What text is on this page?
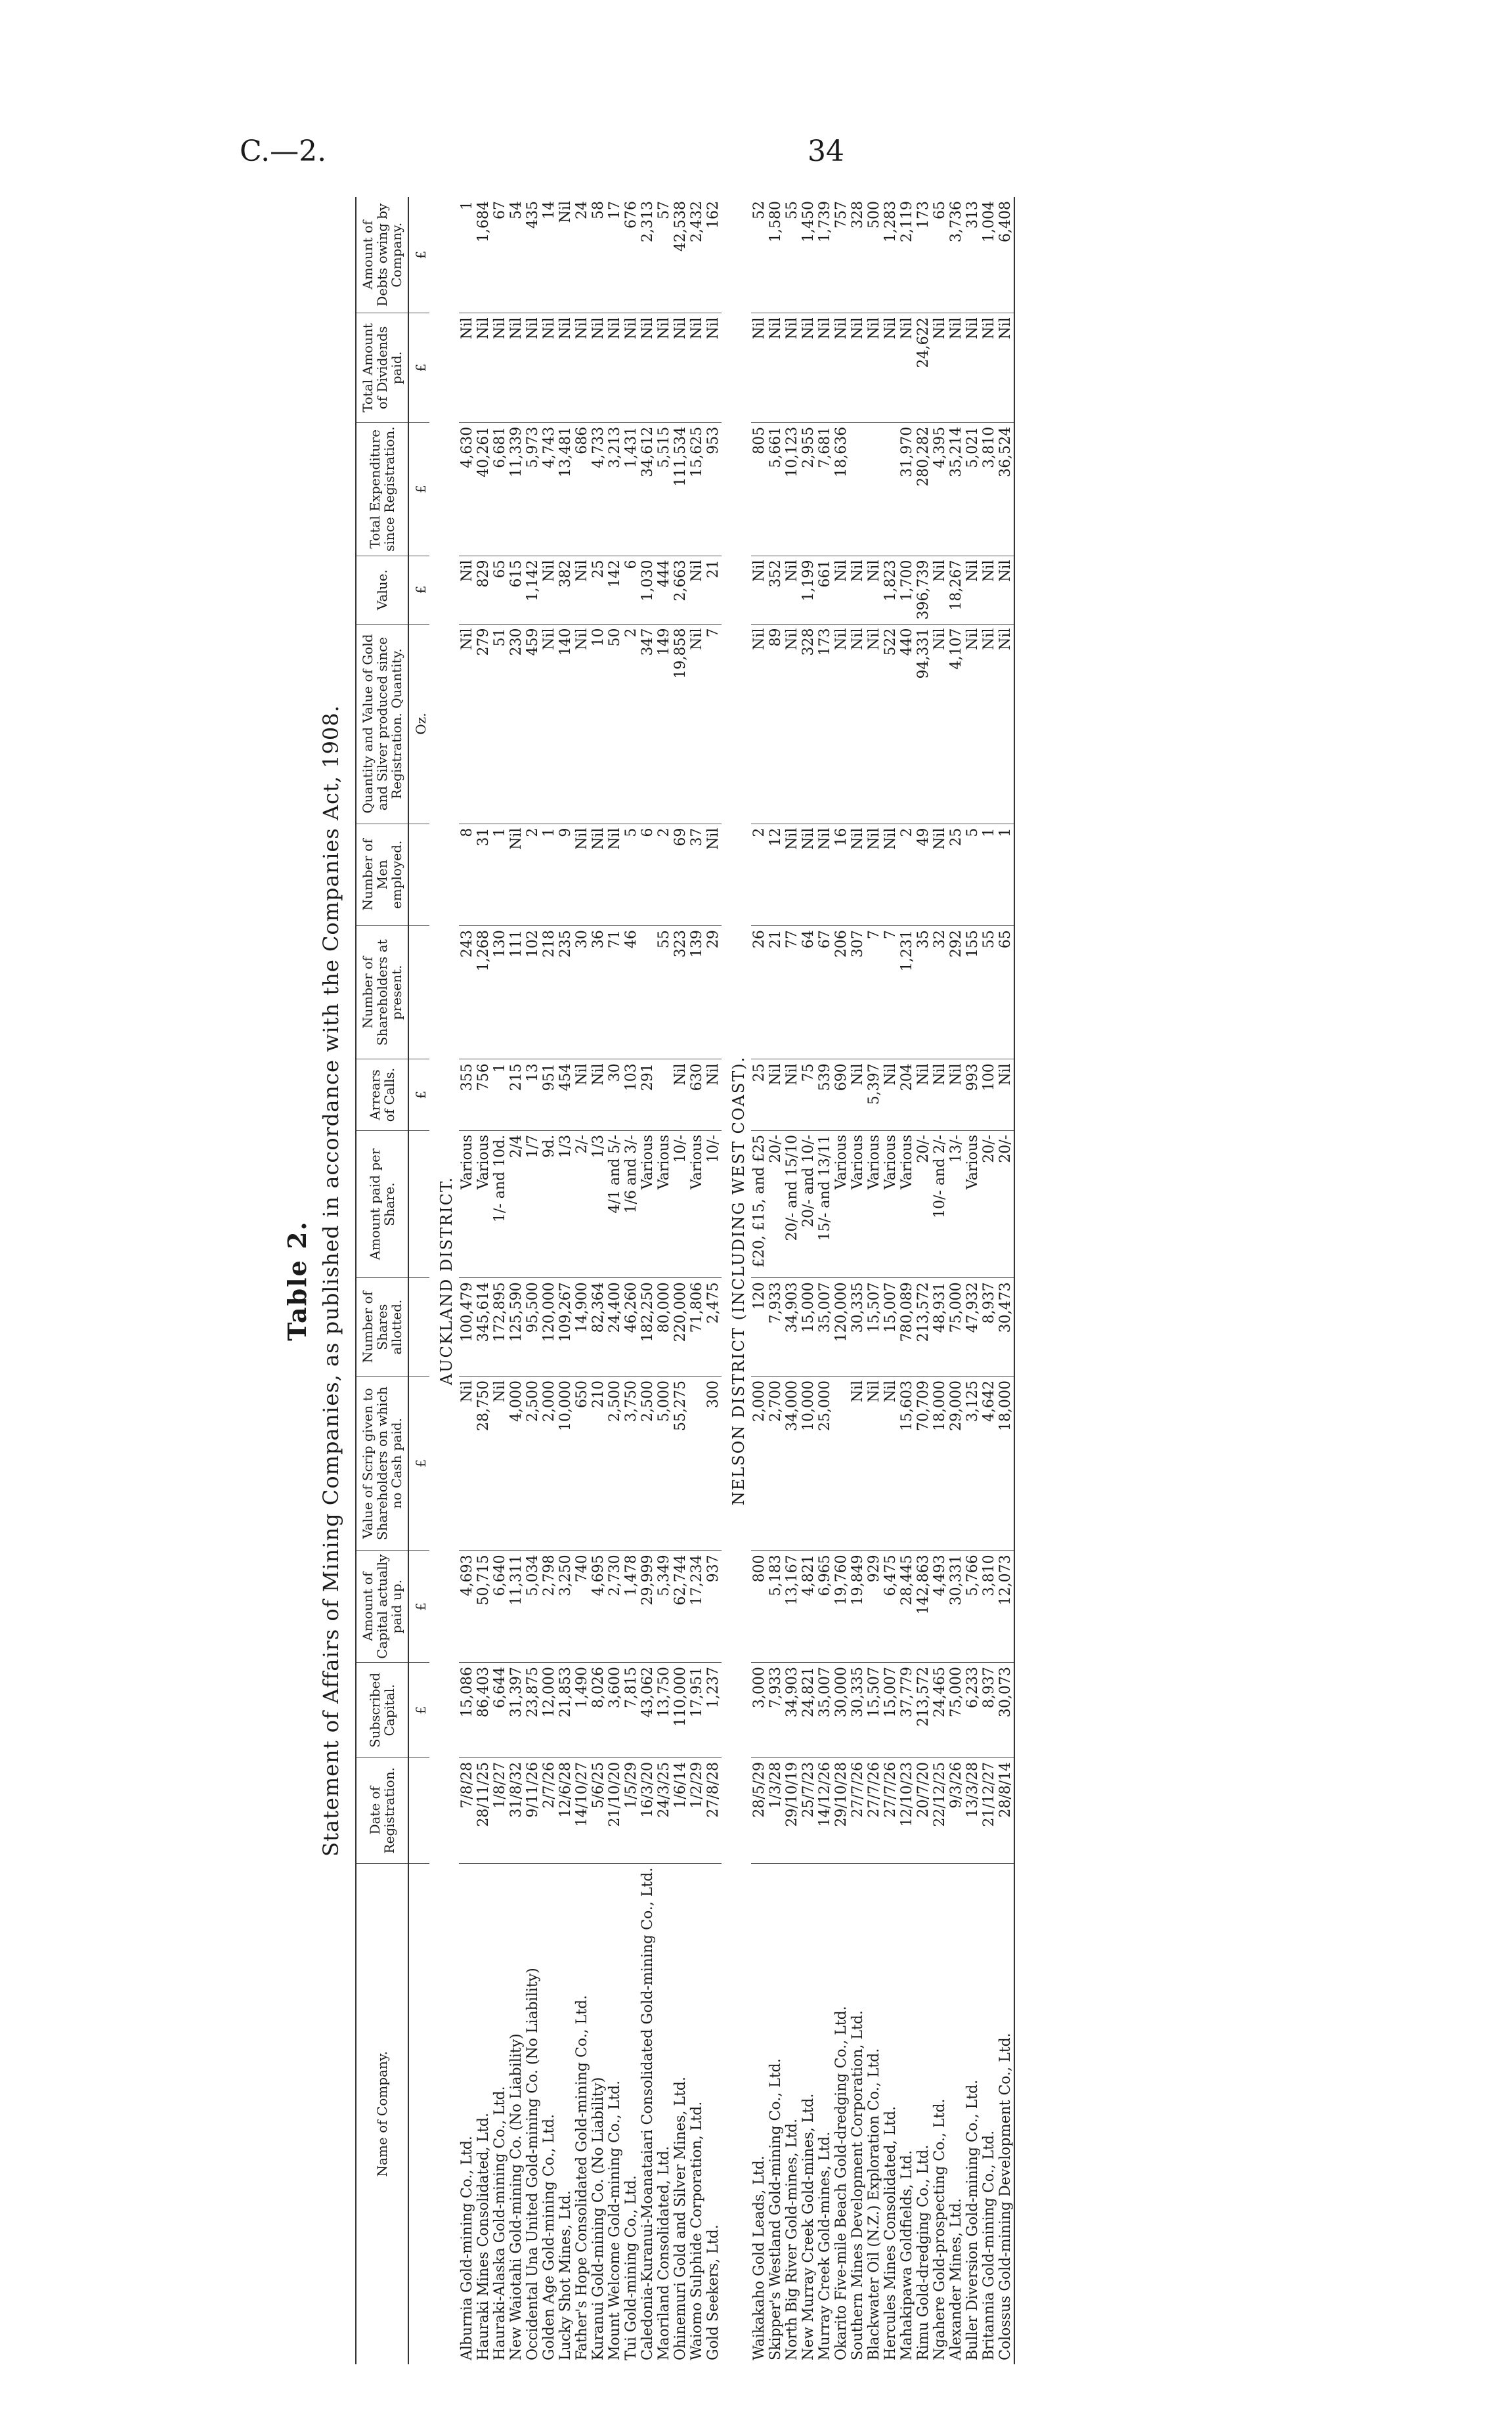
C.—2.	34
Table 2. Statement of Affairs of Mining Companies, as published in accordance with the Companies Act, 1908.
Name of Company.	Date of Registration.	Subscribed Capital.	Amount of Capital actually paid up.	Value of Scrip given to Shareholders on which no Cash paid.	Number of Shares allotted.	Amount paid per Share.	Arrears of Calls.	Number of Shareholders at present.	Number of Men employed.	Quantity and Value of Gold and Silver produced since Registration. Quantity.	Value.	Total Expenditure since Registration.	Total Amount of Dividends paid.	Amount of Debts owing by Company.
		£	£	£			£			Oz.	£	£	£	£
AUCKLAND DISTRICT.														
Alburnia Gold-mining Co., Ltd.	7/8/28	15,086	4,693	Nil	100,479	Various	355	243	8	Nil	Nil	4,630	Nil	1
Hauraki Mines Consolidated, Ltd.	28/11/25	86,403	50,715	28,750	345,614	Various	756	1,268	31	279	829	40,261	Nil	1,684
Hauraki-Alaska Gold-mining Co., Ltd.	1/8/27	6,644	6,640	Nil	172,895	1/- and 10d.	1	130	1	51	65	6,681	Nil	67
New Waiotahi Gold-mining Co. (No Liability)	31/8/32	31,397	11,311	4,000	125,590	2/4	215	111	Nil	230	615	11,339	Nil	54
Occidental Una United Gold-mining Co. (No Liability)	9/11/26	23,875	5,034	2,500	95,500	1/7	13	102	2	459	1,142	5,973	Nil	435
Golden Age Gold-mining Co., Ltd.	2/7/26	12,000	2,798	2,000	120,000	9d.	951	218	1	Nil	Nil	4,743	Nil	14
Lucky Shot Mines, Ltd.	12/6/28	21,853	3,250	10,000	109,267	1/3	454	235	9	140	382	13,481	Nil	Nil
Father's Hope Consolidated Gold-mining Co., Ltd.	14/10/27	1,490	740	650	14,900	2/-	Nil	30	Nil	Nil	Nil	686	Nil	24
Kuranui Gold-mining Co. (No Liability)	5/6/25	8,026	4,695	210	82,364	1/3	Nil	36	Nil	10	25	4,733	Nil	58
Mount Welcome Gold-mining Co., Ltd.	21/10/20	3,600	2,730	2,500	24,400	4/1 and 5/-	30	71	Nil	50	142	3,213	Nil	17
Tui Gold-mining Co., Ltd.	1/5/29	7,815	1,478	3,750	46,260	1/6 and 3/-	103	46	5	2	6	1,431	Nil	676
Caledonia-Kuranui-Moanataiari Consolidated Gold-mining Co., Ltd.	16/3/20	43,062	29,999	2,500	182,250	Various	291		6	347	1,030	34,612	Nil	2,313
Maoriland Consolidated, Ltd.	24/3/25	13,750	5,349	5,000	80,000	Various		55	2	149	444	5,515	Nil	57
Ohinemuri Gold and Silver Mines, Ltd.	1/6/14	110,000	62,744	55,275	220,000	10/-	Nil	323	69	19,858	2,663	111,534	Nil	42,538
Waiomo Sulphide Corporation, Ltd.	1/2/29	17,951	17,234		71,806	Various	630	139	37	Nil	Nil	15,625	Nil	2,432
Gold Seekers, Ltd.	27/8/28	1,237	937	300	2,475	10/-	Nil	29	Nil	7	21	953	Nil	162
NELSON DISTRICT (INCLUDING WEST COAST).														
Waikakaho Gold Leads, Ltd.	28/5/29	3,000	800	2,000	120	£20, £15, and £25	25	26	2	Nil	Nil	805	Nil	52
Skipper's Westland Gold-mining Co., Ltd.	1/3/28	7,933	5,183	2,700	7,933	20/-	Nil	21	12	89	352	5,661	Nil	1,580
North Big River Gold-mines, Ltd.	29/10/19	34,903	13,167	34,000	34,903	20/- and 15/10	Nil	77	Nil	Nil	Nil	10,123	Nil	55
New Murray Creek Gold-mines, Ltd.	25/7/23	24,821	4,821	10,000	15,000	20/- and 10/-	75	64	Nil	328	1,199	2,955	Nil	1,450
Murray Creek Gold-mines, Ltd.	14/12/26	35,007	6,965	25,000	35,007	15/- and 13/11	539	67	Nil	173	661	7,681	Nil	1,739
Okarito Five-mile Beach Gold-dredging Co., Ltd.	29/10/28	30,000	19,760		120,000	Various	690	206	16	Nil	Nil	18,636	Nil	757
Southern Mines Development Corporation, Ltd.	27/7/26	30,335	19,849	Nil	30,335	Various	Nil	307	Nil	Nil	Nil		Nil	328
Blackwater Oil (N.Z.) Exploration Co., Ltd.	27/7/26	15,507	929	Nil	15,507	Various	5,397	7	Nil	Nil	Nil		Nil	500
Hercules Mines Consolidated, Ltd.	27/7/26	15,007	6,475	Nil	15,007	Various	Nil	7	Nil	522	1,823		Nil	1,283
Mahakipawa Goldfields, Ltd.	12/10/23	37,779	28,445	15,603	780,089	Various	204	1,231	2	440	1,700	31,970	Nil	2,119
Rimu Gold-dredging Co., Ltd.	20/7/20	213,572	142,863	70,709	213,572	20/-	Nil	35	49	94,331	396,739	280,282	24,622	173
Ngahere Gold-prospecting Co., Ltd.	22/12/25	24,465	4,493	18,000	48,931	10/- and 2/-	Nil	32	Nil	Nil	Nil	4,395	Nil	65
Alexander Mines, Ltd.	9/3/26	75,000	30,331	29,000	75,000	13/-	Nil	292	25	4,107	18,267	35,214	Nil	3,736
Buller Diversion Gold-mining Co., Ltd.	13/3/28	6,233	5,766	3,125	47,932	Various	993	155	5	Nil	Nil	5,021	Nil	313
Britannia Gold-mining Co., Ltd.	21/12/27	8,937	3,810	4,642	8,937	20/-	100	55	1	Nil	Nil	3,810	Nil	1,004
Colossus Gold-mining Development Co., Ltd.	28/8/14	30,073	12,073	18,000	30,473	20/-	Nil	65	1	Nil	Nil	36,524	Nil	6,408
